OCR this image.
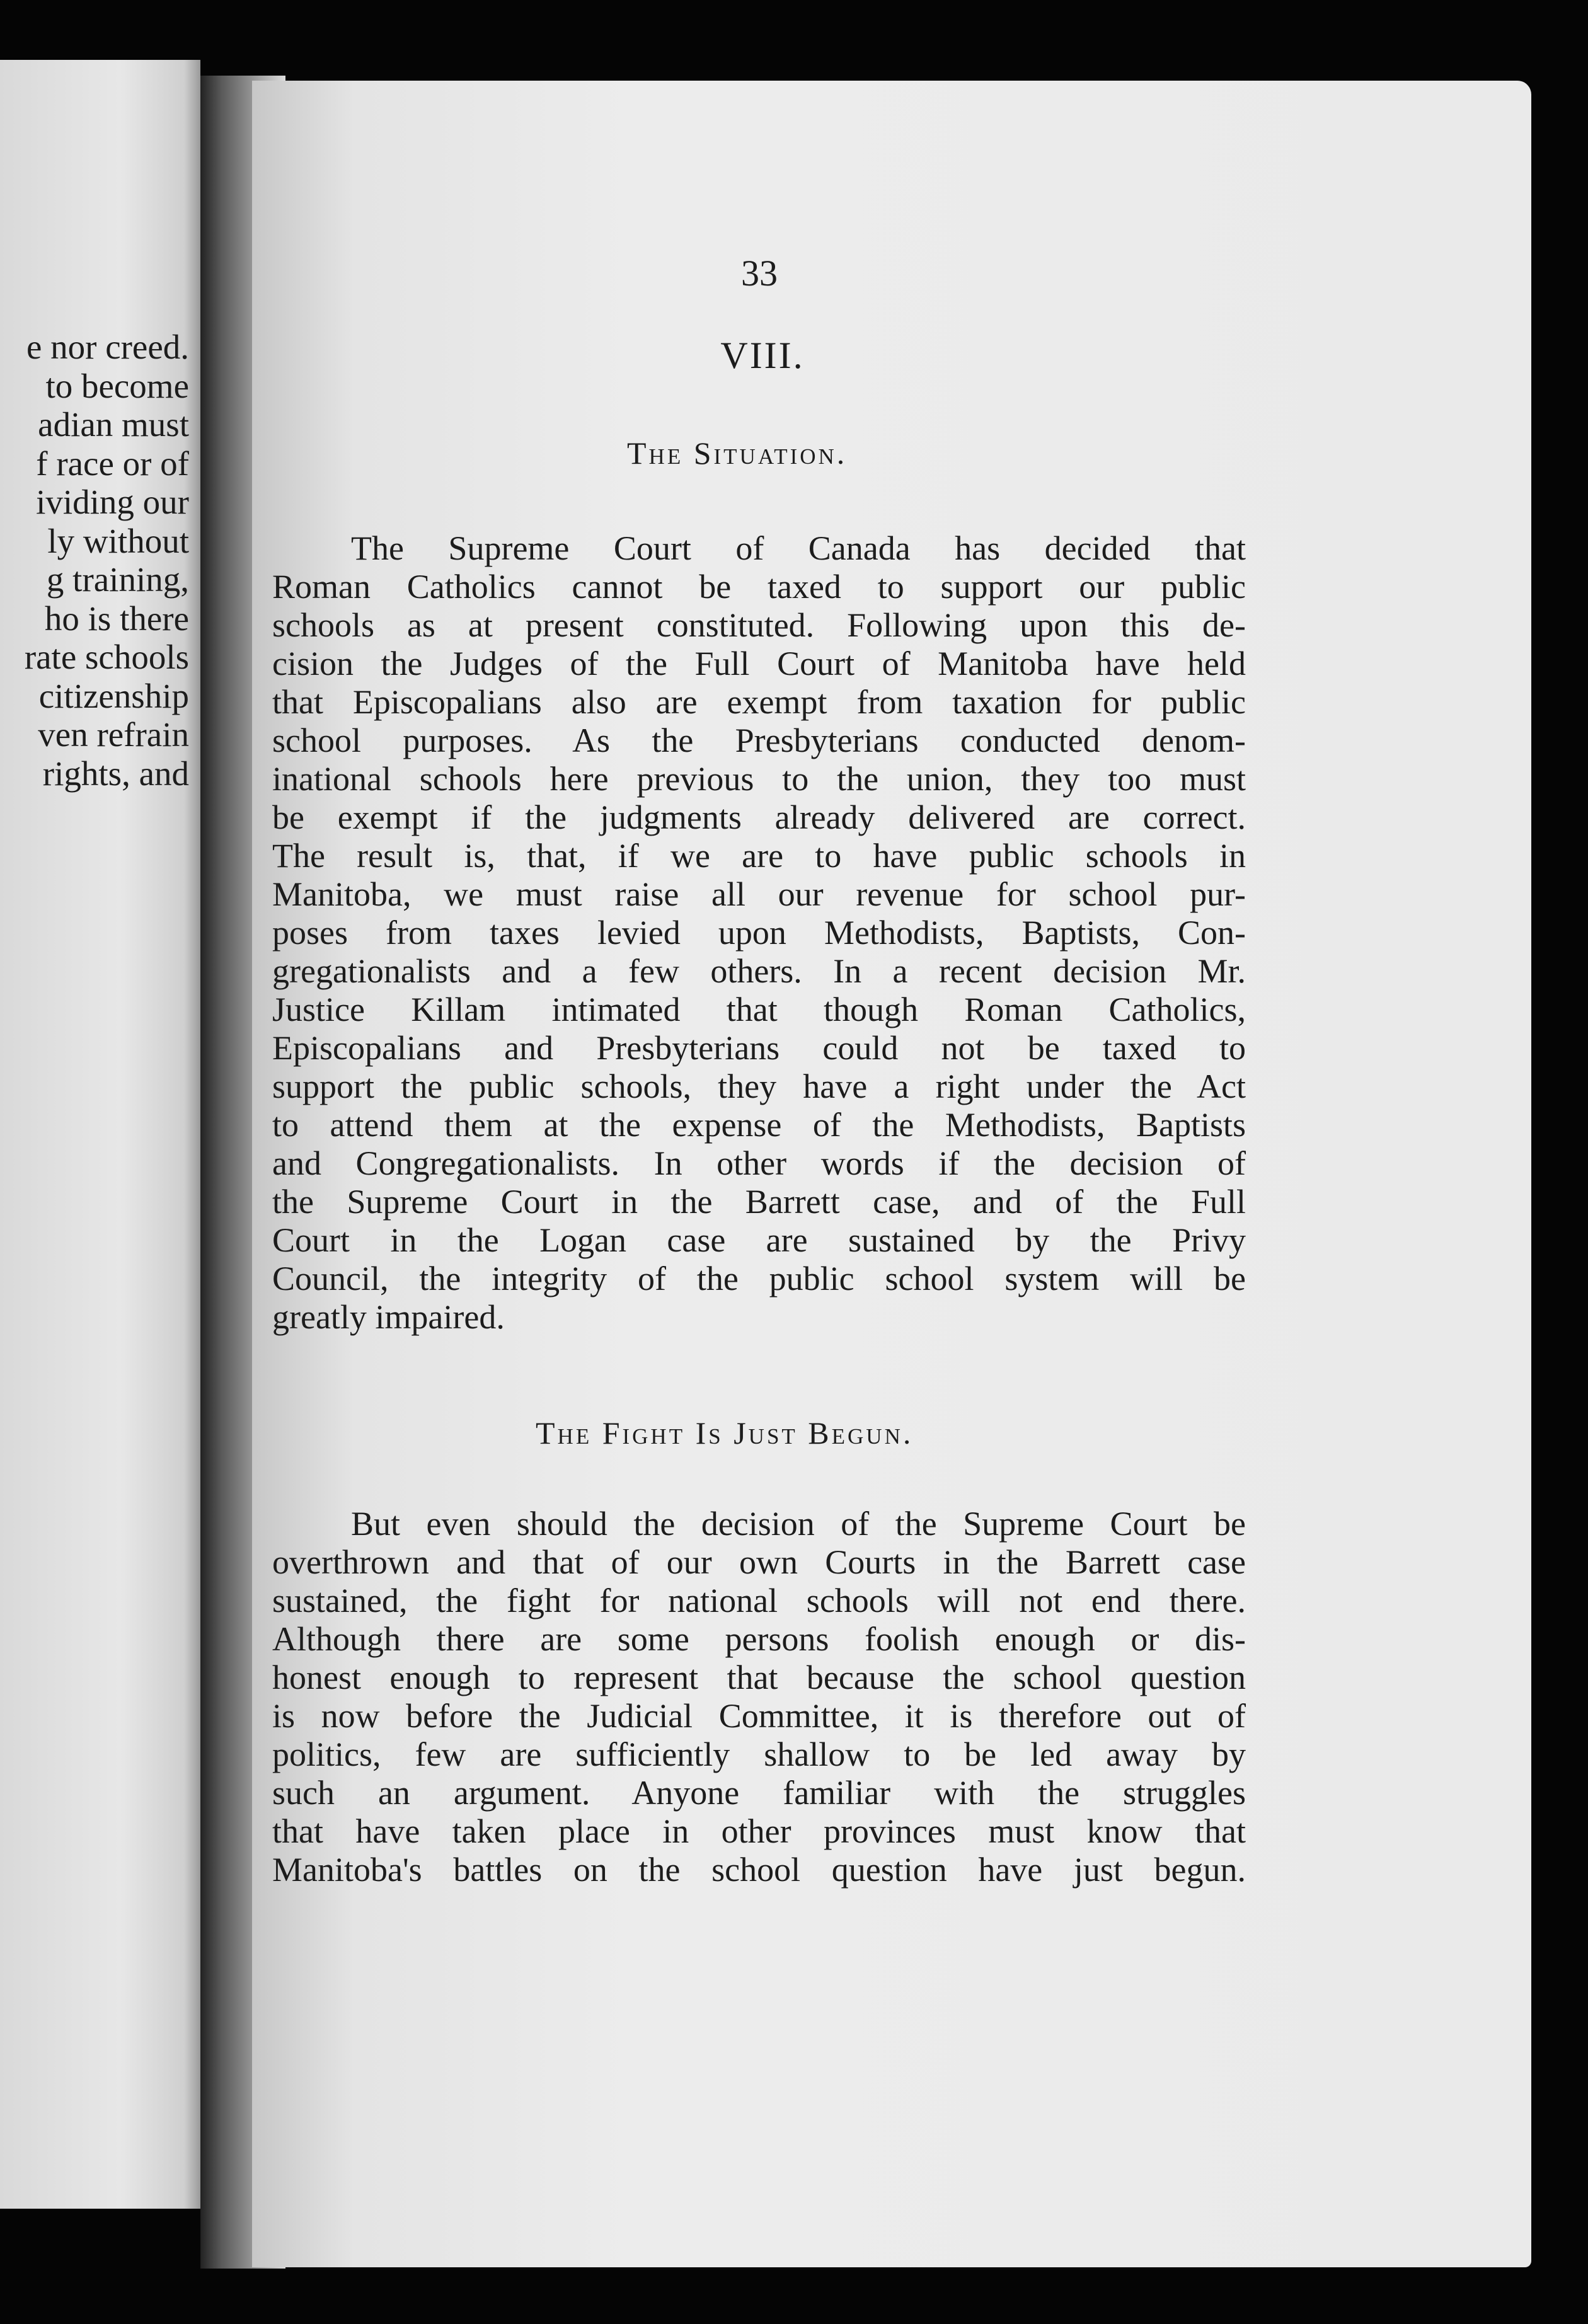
e nor creed.
to become
adian must
f race or of
ividing our
ly without
g training,
ho is there
rate schools
citizenship
ven refrain
rights, and
33
VIII.
The Situation.
The Supreme Court of Canada has decided that
Roman Catholics cannot be taxed to support our public
schools as at present constituted. Following upon this de-
cision the Judges of the Full Court of Manitoba have held
that Episcopalians also are exempt from taxation for public
school purposes. As the Presbyterians conducted denom-
inational schools here previous to the union, they too must
be exempt if the judgments already delivered are correct.
The result is, that, if we are to have public schools in
Manitoba, we must raise all our revenue for school pur-
poses from taxes levied upon Methodists, Baptists, Con-
gregationalists and a few others. In a recent decision Mr.
Justice Killam intimated that though Roman Catholics,
Episcopalians and Presbyterians could not be taxed to
support the public schools, they have a right under the Act
to attend them at the expense of the Methodists, Baptists
and Congregationalists. In other words if the decision of
the Supreme Court in the Barrett case, and of the Full
Court in the Logan case are sustained by the Privy
Council, the integrity of the public school system will be
greatly impaired.
The Fight Is Just Begun.
But even should the decision of the Supreme Court be
overthrown and that of our own Courts in the Barrett case
sustained, the fight for national schools will not end there.
Although there are some persons foolish enough or dis-
honest enough to represent that because the school question
is now before the Judicial Committee, it is therefore out of
politics, few are sufficiently shallow to be led away by
such an argument. Anyone familiar with the struggles
that have taken place in other provinces must know that
Manitoba's battles on the school question have just begun.
